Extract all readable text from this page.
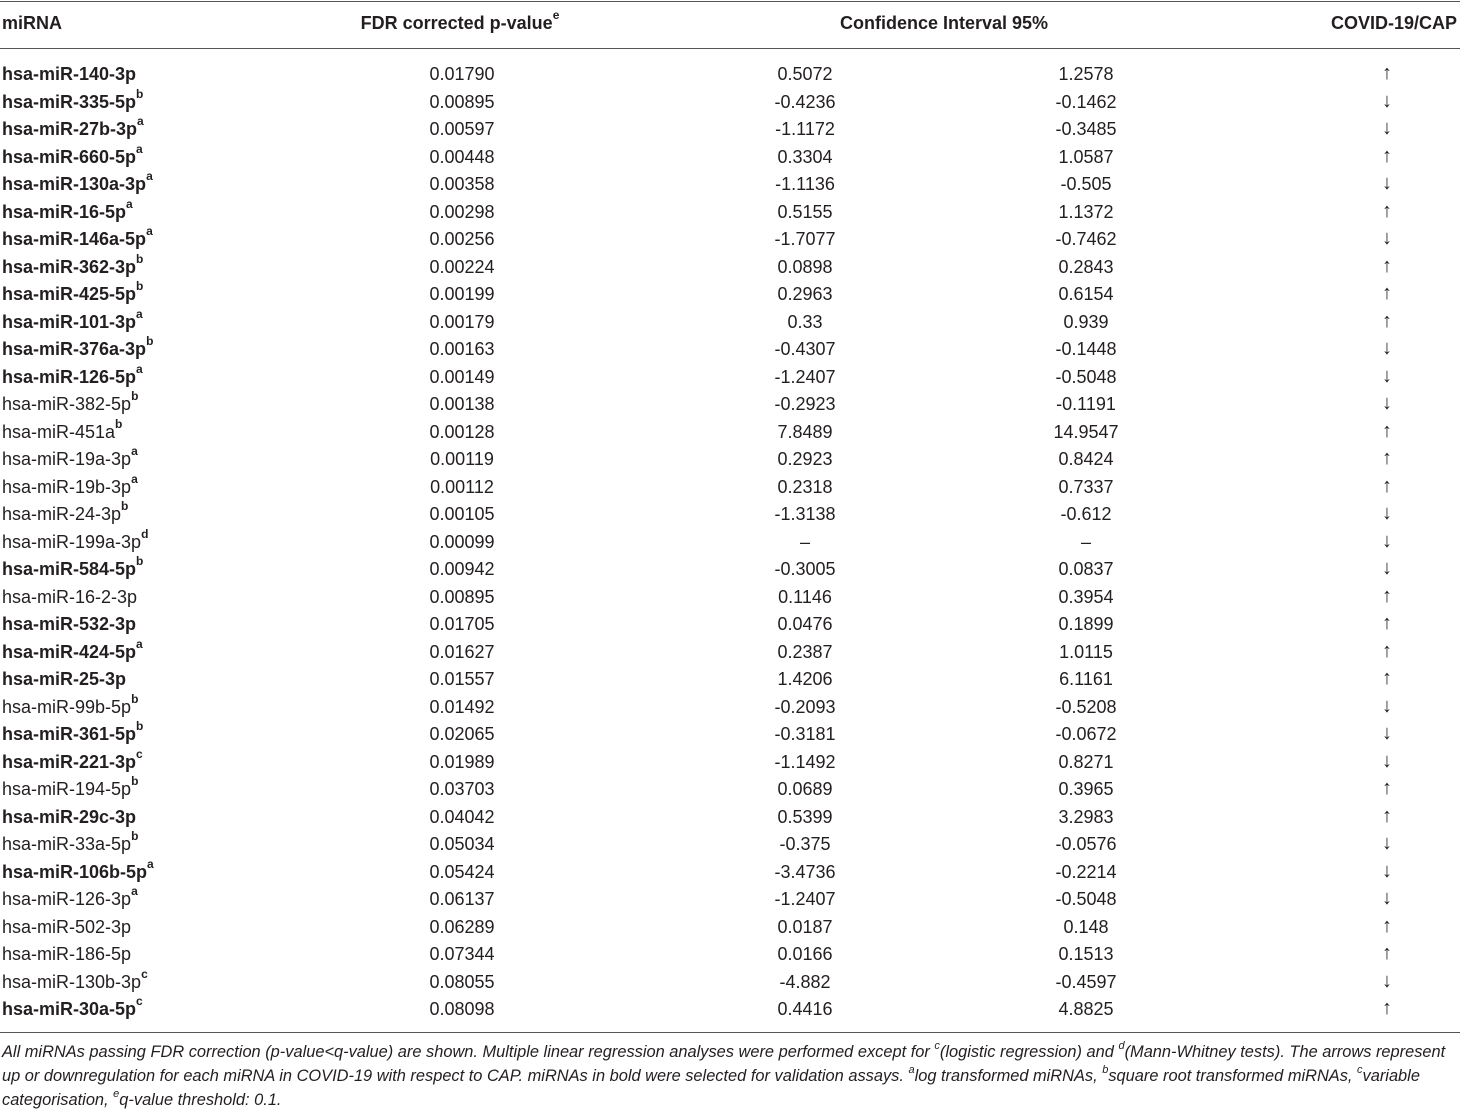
miRNA	FDR corrected p-value$^e$	Confidence Interval 95%	COVID-19/CAP
hsa-miR-140-3p	0.01790	0.5072	1.2578	↑
hsa-$miR-335-5p^b$	0.00895	-0.4236	-0.1462	↓
hsa-$miR-27b-3p^a$	0.00597	-1.1172	-0.3485	↓
hsa-$miR-660-5p^a$	0.00448	0.3304	1.0587	↑
hsa-$miR-130a-3p^a$	0.00358	-1.1136	-0.505	↓
hsa-$miR-16-5p^a$	0.00298	0.5155	1.1372	↑
hsa-$miR-146a-5p^a$	0.00256	-1.7077	-0.7462	↓
hsa-$miR-362-3p^b$	0.00224	0.0898	0.2843	↑
hsa-$miR-425-5p^b$	0.00199	0.2963	0.6154	↑
hsa-$miR-101-3p^a$	0.00179	0.33	0.939	↑
hsa-$miR-376a-3p^b$	0.00163	-0.4307	-0.1448	↓
hsa-$miR-126-5p^a$	0.00149	-1.2407	-0.5048	↓
hsa-$miR-382-5p^b$	0.00138	-0.2923	-0.1191	↓
hsa-$miR-451a^b$	0.00128	7.8489	14.9547	↑
hsa-$miR-19a-3p^a$	0.00119	0.2923	0.8424	↑
hsa-$miR-19b-3p^a$	0.00112	0.2318	0.7337	↑
hsa-$miR-24-3p^b$	0.00105	-1.3138	-0.612	↓
hsa-$miR-199a-3p^d$	0.00099	–	–	↓
hsa-$miR-584-5p^b$	0.00942	-0.3005	0.0837	↓
hsa-miR-16-2-3p	0.00895	0.1146	0.3954	↑
hsa-miR-532-3p	0.01705	0.0476	0.1899	↑
hsa-$miR-424-5p^a$	0.01627	0.2387	1.0115	↑
hsa-miR-25-3p	0.01557	1.4206	6.1161	↑
hsa-$miR-99b-5p^b$	0.01492	-0.2093	-0.5208	↓
hsa-$miR-361-5p^b$	0.02065	-0.3181	-0.0672	↓
hsa-$miR-221-3p^c$	0.01989	-1.1492	0.8271	↓
hsa-$miR-194-5p^b$	0.03703	0.0689	0.3965	↑
hsa-miR-29c-3p	0.04042	0.5399	3.2983	↑
hsa-$miR-33a-5p^b$	0.05034	-0.375	-0.0576	↓
hsa-$miR-106b-5p^a$	0.05424	-3.4736	-0.2214	↓
hsa-$miR-126-3p^a$	0.06137	-1.2407	-0.5048	↓
hsa-miR-502-3p	0.06289	0.0187	0.148	↑
hsa-miR-186-5p	0.07344	0.0166	0.1513	↑
hsa-$miR-130b-3p^c$	0.08055	-4.882	-0.4597	↓
hsa-$miR-30a-5p^c$	0.08098	0.4416	4.8825	↑
All miRNAs passing FDR correction (p-value<q-value) are shown. Multiple linear regression analyses were performed except for $^c$(logistic regression) and $^d$(Mann-Whitney tests). The arrows represent up or downregulation for each miRNA in COVID-19 with respect to CAP. miRNAs in bold were selected for validation assays. $^a$log transformed miRNAs, $^b$square root transformed miRNAs, $^c$variable categorisation, $^e$q-value threshold: 0.1.
